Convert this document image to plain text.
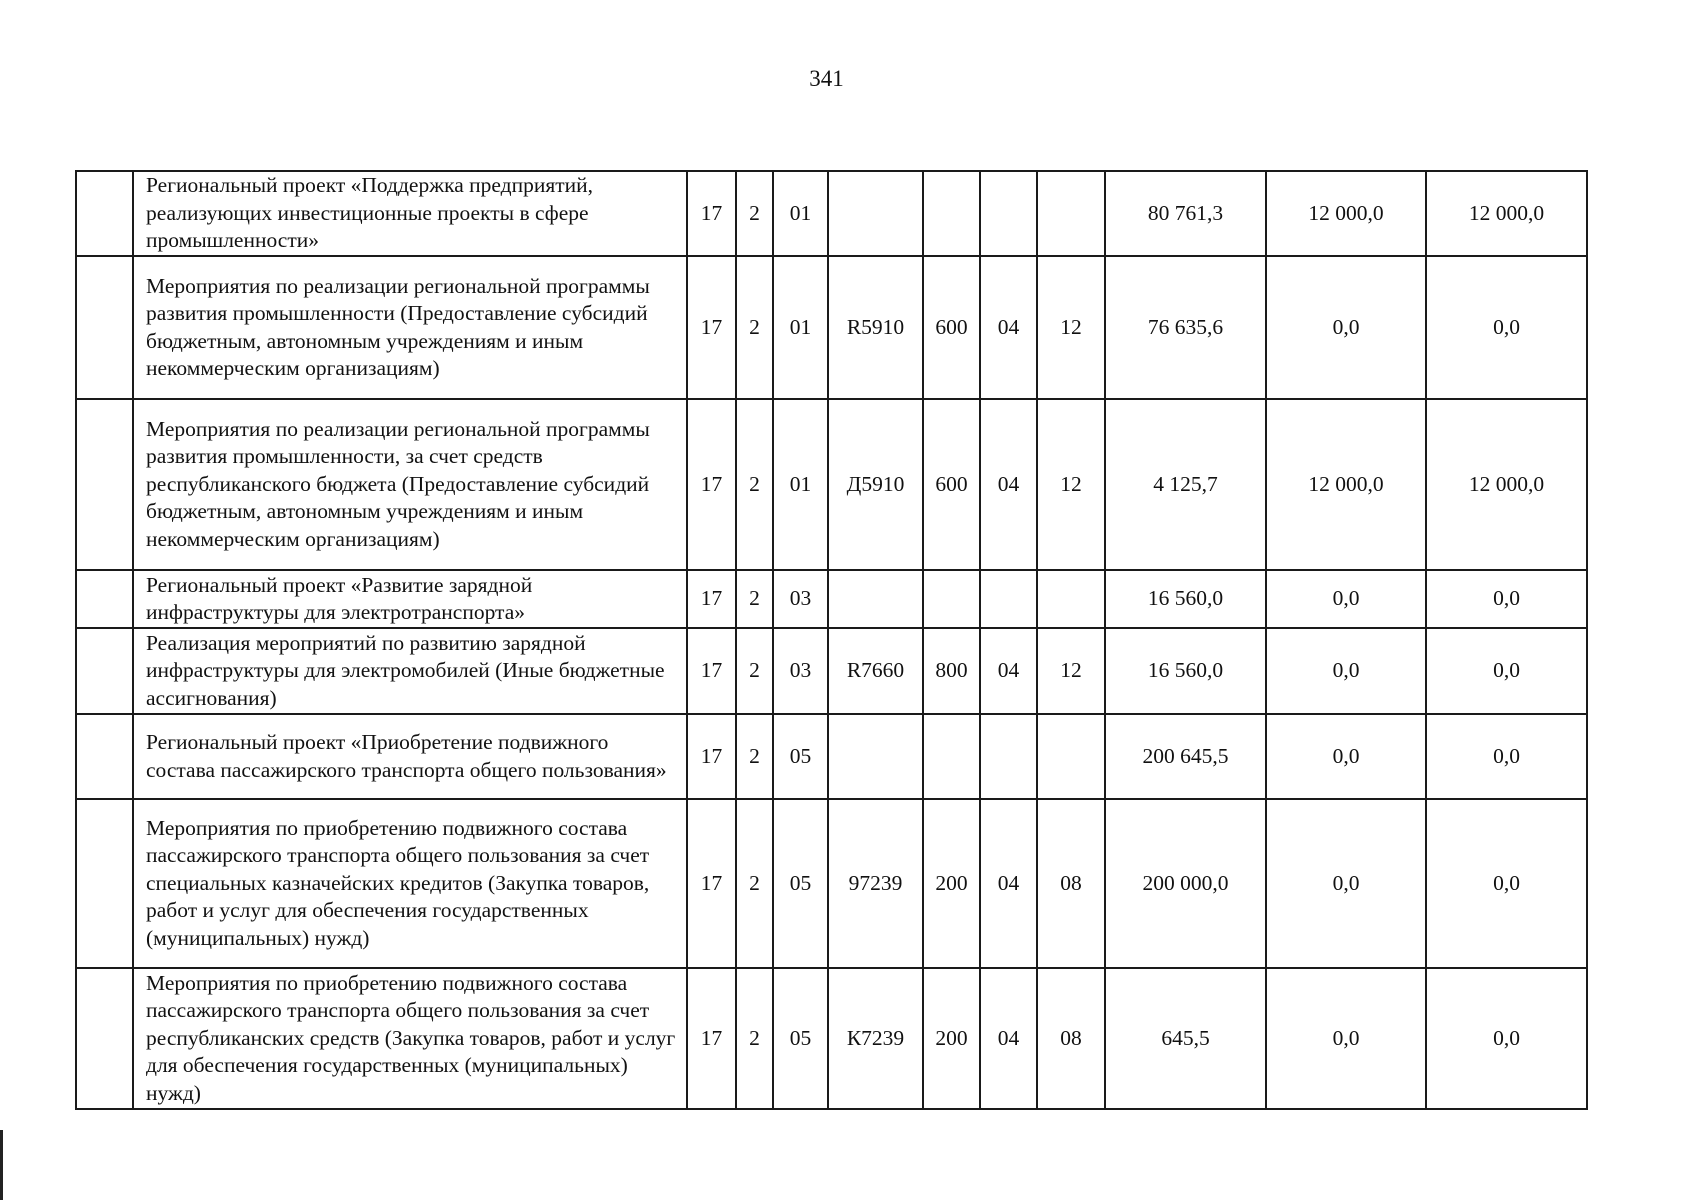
341
	Региональный проект «Поддержка предприятий, реализующих инвестиционные проекты в сфере промышленности»	17	2	01					80 761,3	12 000,0	12 000,0
	Мероприятия по реализации региональной программы развития промышленности (Предоставление субсидий бюджетным, автономным учреждениям и иным некоммерческим организациям)	17	2	01	R5910	600	04	12	76 635,6	0,0	0,0
	Мероприятия по реализации региональной программы развития промышленности, за счет средств республиканского бюджета (Предоставление субсидий бюджетным, автономным учреждениям и иным некоммерческим организациям)	17	2	01	Д5910	600	04	12	4 125,7	12 000,0	12 000,0
	Региональный проект «Развитие зарядной инфраструктуры для электротранспорта»	17	2	03					16 560,0	0,0	0,0
	Реализация мероприятий по развитию зарядной инфраструктуры для электромобилей (Иные бюджетные ассигнования)	17	2	03	R7660	800	04	12	16 560,0	0,0	0,0
	Региональный проект «Приобретение подвижного состава пассажирского транспорта общего пользования»	17	2	05					200 645,5	0,0	0,0
	Мероприятия по приобретению подвижного состава пассажирского транспорта общего пользования за счет специальных казначейских кредитов (Закупка товаров, работ и услуг для обеспечения государственных (муниципальных) нужд)	17	2	05	97239	200	04	08	200 000,0	0,0	0,0
	Мероприятия по приобретению подвижного состава пассажирского транспорта общего пользования за счет республиканских средств (Закупка товаров, работ и услуг для обеспечения государственных (муниципальных) нужд)	17	2	05	К7239	200	04	08	645,5	0,0	0,0
